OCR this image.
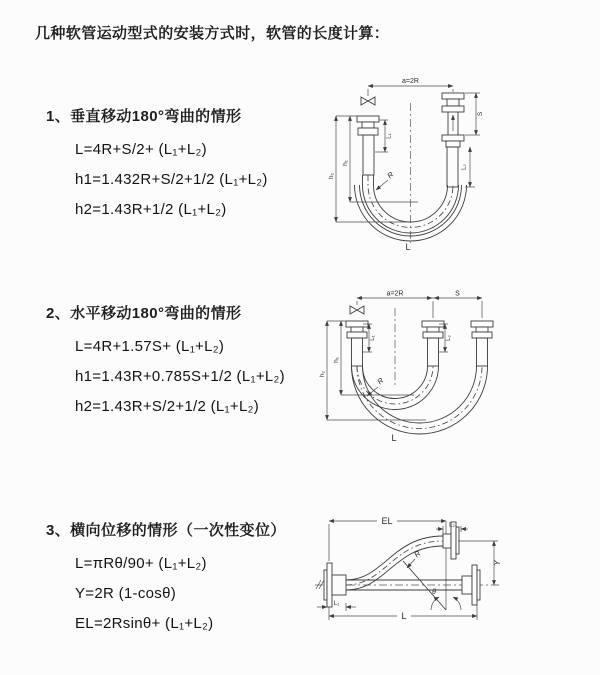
几种软管运动型式的安装方式时，软管的长度计算：
1、垂直移动180°弯曲的情形
L=4R+S/2+ (L₁+L₂)
h1=1.432R+S/2+1/2 (L₁+L₂)
h2=1.43R+1/2 (L₁+L₂)
2、水平移动180°弯曲的情形
L=4R+1.57S+ (L₁+L₂)
h1=1.43R+0.785S+1/2 (L₁+L₂)
h2=1.43R+S/2+1/2 (L₁+L₂)
3、横向位移的情形（一次性变位）
L=πRθ/90+ (L₁+L₂)
Y=2R (1-cosθ)
EL=2Rsinθ+ (L₁+L₂)
a=2R
h₁
h₂
L₁
S
L₂
R
L
a=2R	S
h₁
h₂
L₁	L₂
R
L
θ
R
EL	L₂
Y
L
L₁
